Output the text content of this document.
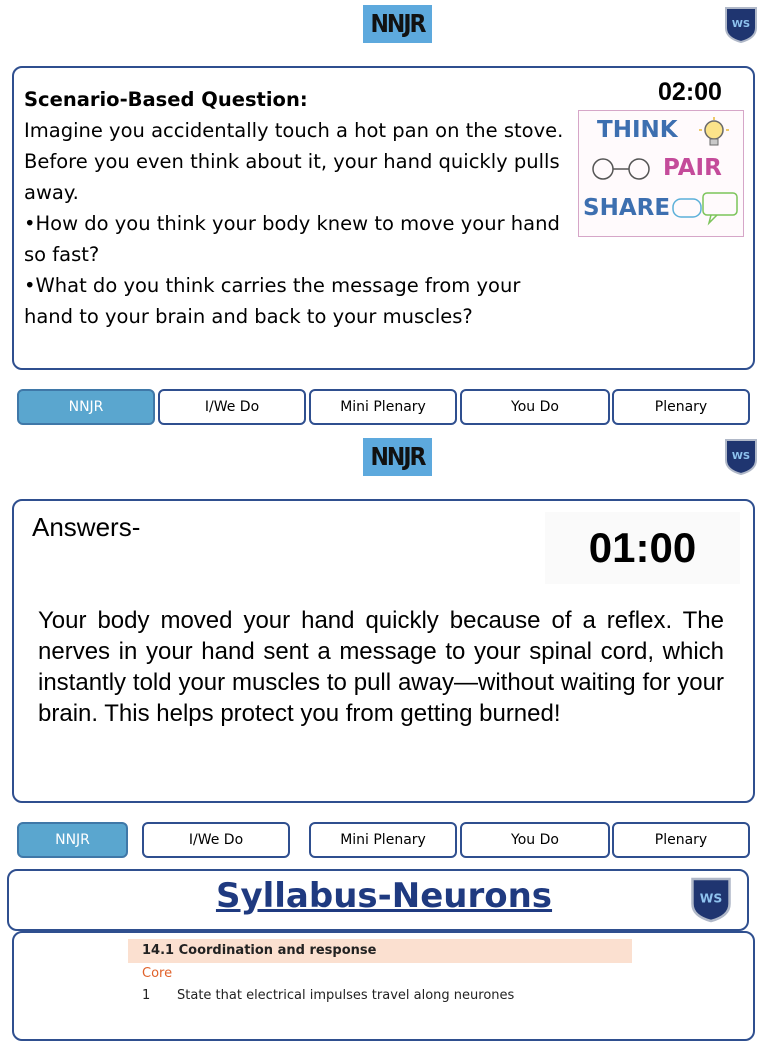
NNJR	WS
Scenario-Based Question:
Imagine you accidentally touch a hot pan on the stove. Before you even think about it, your hand quickly pulls away.
•How do you think your body knew to move your hand so fast?
•What do you think carries the message from your hand to your brain and back to your muscles?
02:00
THINK
PAIR
SHARE
NNJR	I/We Do	Mini Plenary	You Do	Plenary
NNJR	WS
Answers-	01:00
Your body moved your hand quickly because of a reflex. The nerves in your hand sent a message to your spinal cord, which instantly told your muscles to pull away—without waiting for your brain. This helps protect you from getting burned!
NNJR	I/We Do	Mini Plenary	You Do	Plenary
Syllabus-Neurons	WS
14.1 Coordination and response
Core
1 State that electrical impulses travel along neurones
